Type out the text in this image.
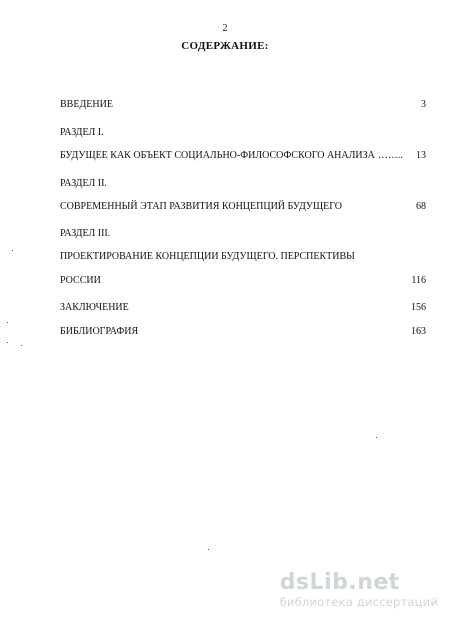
2
СОДЕРЖАНИЕ:
ВВЕДЕНИЕ	3
РАЗДЕЛ I.
БУДУЩЕЕ КАК ОБЪЕКТ СОЦИАЛЬНО-ФИЛОСОФСКОГО АНАЛИЗА …….. 13
РАЗДЕЛ II.
СОВРЕМЕННЫЙ ЭТАП РАЗВИТИЯ КОНЦЕПЦИЙ БУДУЩЕГО	68
РАЗДЕЛ III.
ПРОЕКТИРОВАНИЕ КОНЦЕПЦИИ БУДУЩЕГО. ПЕРСПЕКТИВЫ
РОССИИ	116
ЗАКЛЮЧЕНИЕ	156
БИБЛИОГРАФИЯ	163
dsLib.net
библиотека диссертаций
